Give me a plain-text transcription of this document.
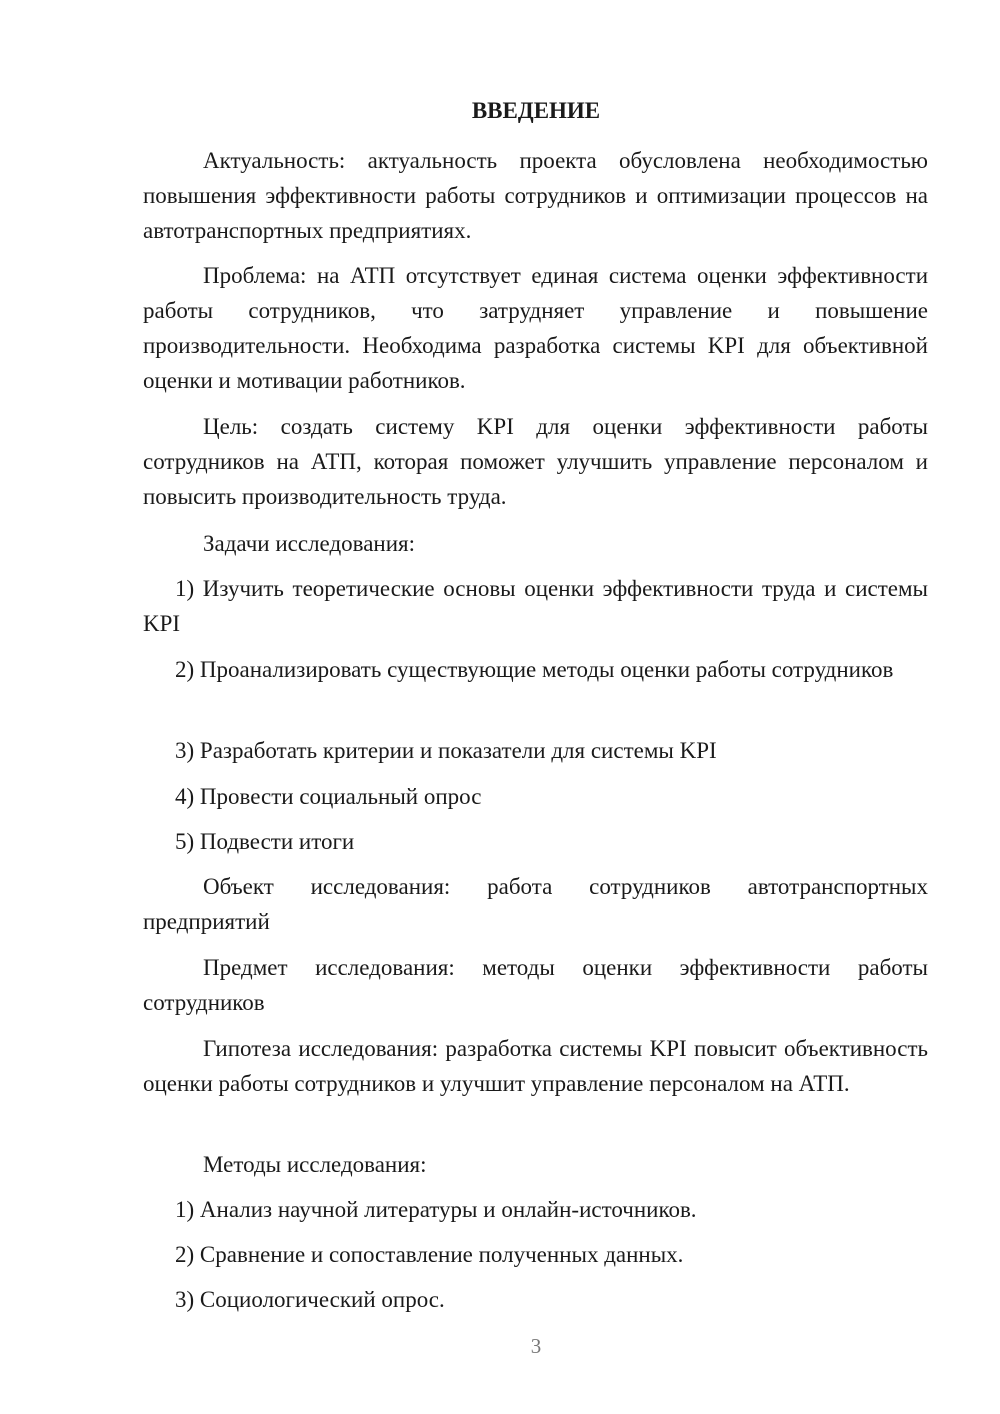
ВВЕДЕНИЕ

Актуальность: актуальность проекта обусловлена необходимостью повышения эффективности работы сотрудников и оптимизации процессов на автотранспортных предприятиях.

Проблема: на АТП отсутствует единая система оценки эффективности работы сотрудников, что затрудняет управление и повышение производительности. Необходима разработка системы KPI для объективной оценки и мотивации работников.

Цель: создать систему KPI для оценки эффективности работы сотрудников на АТП, которая поможет улучшить управление персоналом и повысить производительность труда.

Задачи исследования:

1) Изучить теоретические основы оценки эффективности труда и системы KPI

2) Проанализировать существующие методы оценки работы сотрудников

3) Разработать критерии и показатели для системы KPI

4) Провести социальный опрос

5) Подвести итоги

Объект исследования: работа сотрудников автотранспортных предприятий

Предмет исследования: методы оценки эффективности работы сотрудников

Гипотеза исследования: разработка системы KPI повысит объективность оценки работы сотрудников и улучшит управление персоналом на АТП.

Методы исследования:

1) Анализ научной литературы и онлайн-источников.

2) Сравнение и сопоставление полученных данных.

3) Социологический опрос.

3
